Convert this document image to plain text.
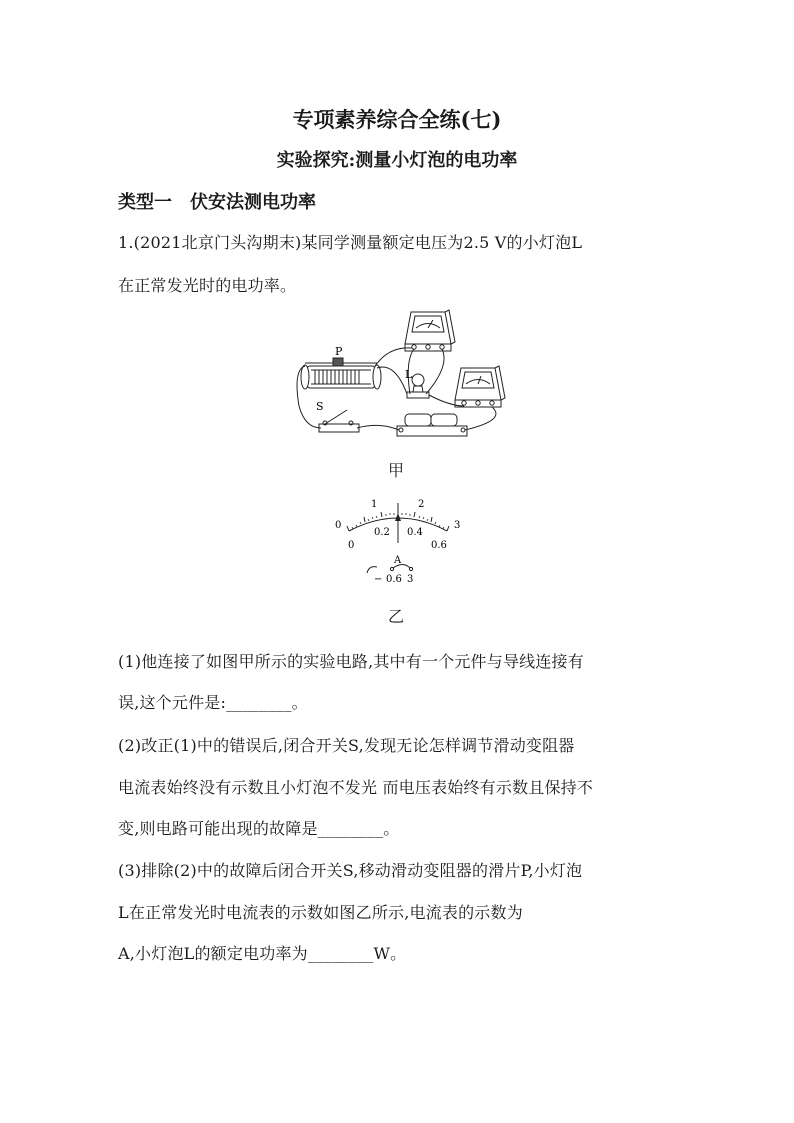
专项素养综合全练(七)
实验探究:测量小灯泡的电功率
类型一　伏安法测电功率
1.(2021北京门头沟期末)某同学测量额定电压为2.5 V的小灯泡L
在正常发光时的电功率。
P
L
S
甲
0
1	2
3
0
0.2 0.4
0.6
A
− 0.6 3
乙
(1)他连接了如图甲所示的实验电路,其中有一个元件与导线连接有
误,这个元件是:________。
(2)改正(1)中的错误后,闭合开关S,发现无论怎样调节滑动变阻器
电流表始终没有示数且小灯泡不发光 而电压表始终有示数且保持不
变,则电路可能出现的故障是________。
(3)排除(2)中的故障后闭合开关S,移动滑动变阻器的滑片P,小灯泡
L在正常发光时电流表的示数如图乙所示,电流表的示数为
A,小灯泡L的额定电功率为________W。
